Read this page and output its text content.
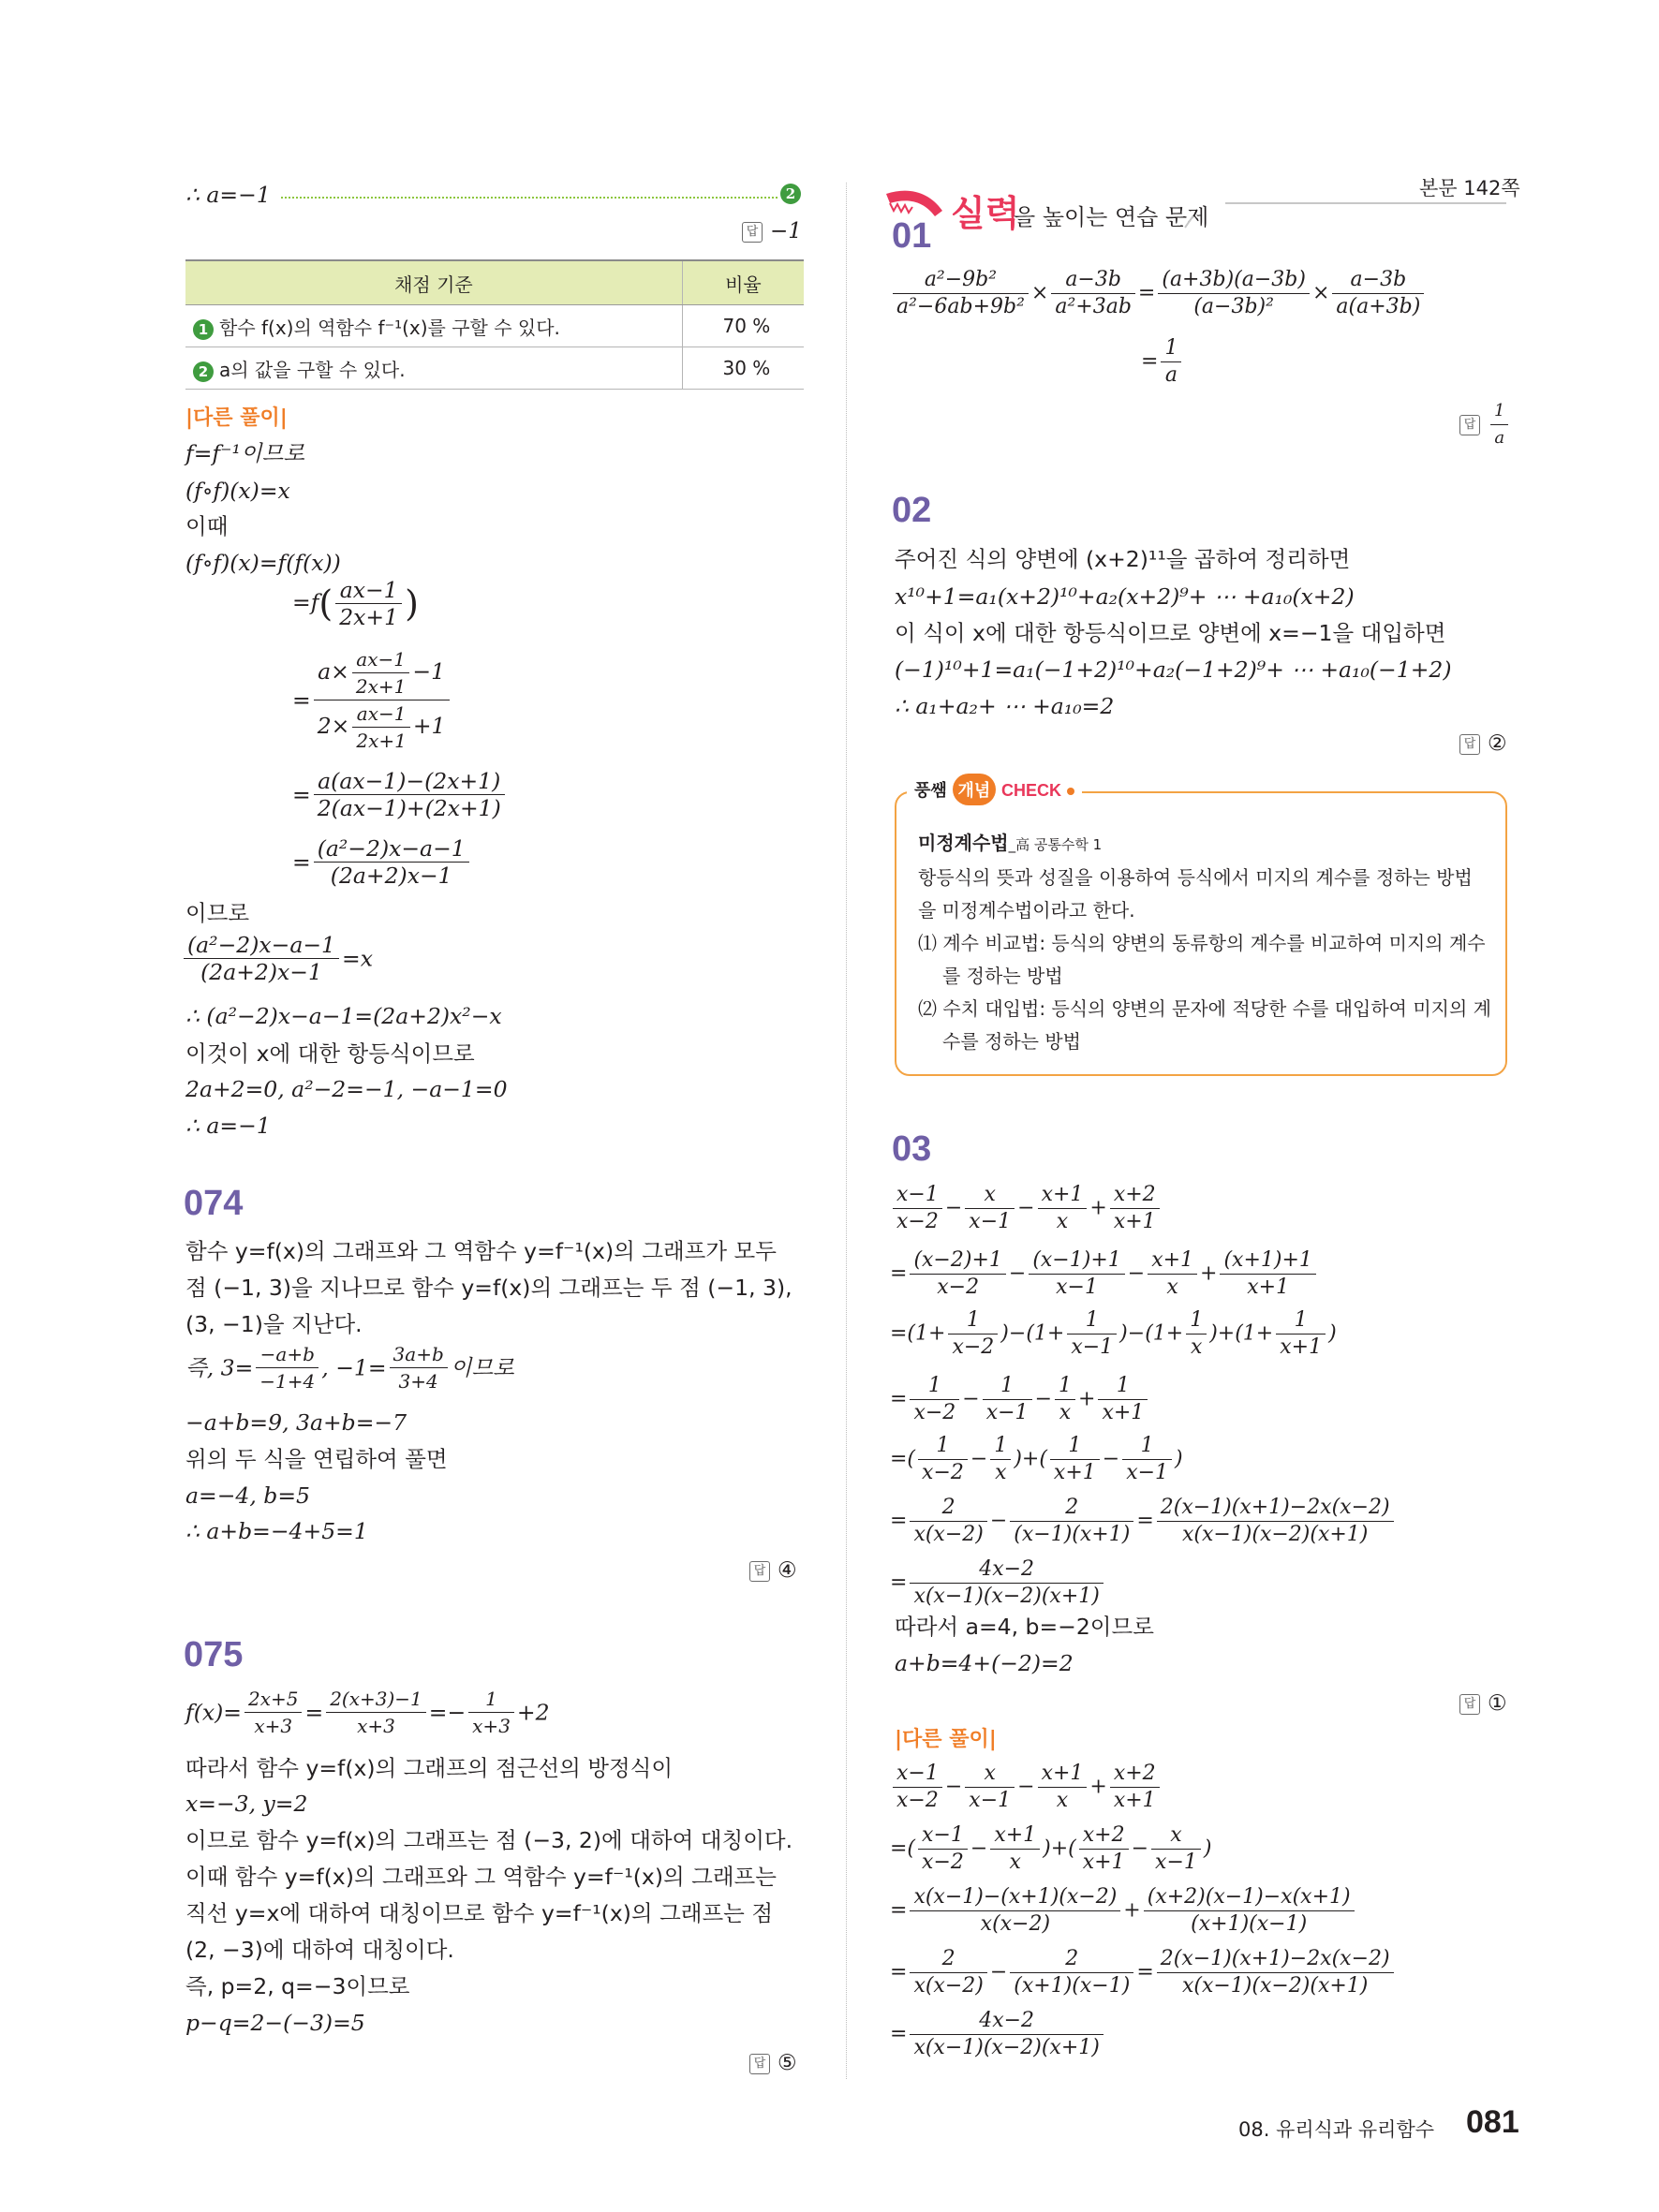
∴ a=−1	2
답 −1
채점 기준	비율
1 함수 f(x)의 역함수 f⁻¹(x)를 구할 수 있다.	70 %
2 a의 값을 구할 수 있다.	30 %
|다른 풀이|
f=f⁻¹이므로
(f∘f)(x)=x
이때
(f∘f)(x)=f(f(x))
$=f( \frac{ax-1}{2x+1}$ )
= $\frac{a\times \frac{ax-1}{2x+1} -1}{2\times \frac{ax-1}{2x+1} +1}$
= $\frac{a(ax-1)-(2x+1)}{2(ax-1)+(2x+1)}$
= $\frac{\text{(a²−2)x−a−1}}{(2a+2)x-1}$
이므로
$\frac{\text{(a²−2)x−a−1}}{(2a+2)x-1} =x$
∴ (a²−2)x−a−1=(2a+2)x²−x
이것이 x에 대한 항등식이므로
2a+2=0, a²−2=−1, −a−1=0
∴ a=−1
074
함수 y=f(x)의 그래프와 그 역함수 y=f⁻¹(x)의 그래프가 모두
점 (−1, 3)을 지나므로 함수 y=f(x)의 그래프는 두 점 (−1, 3),
(3, −1)을 지난다.
즉, $3= \frac{-a+b}{-1+4}$ , $-1= \frac{3a+b}{3+4}$ 이므로
−a+b=9, 3a+b=−7
위의 두 식을 연립하여 풀면
a=−4, b=5
∴ a+b=−4+5=1
답 ④
075
$f(x)= \frac{2x+5}{x+3} = \frac{2(x+3)-1}{x+3} =- \frac{1}{x+3} +2$
따라서 함수 y=f(x)의 그래프의 점근선의 방정식이
x=−3, y=2
이므로 함수 y=f(x)의 그래프는 점 (−3, 2)에 대하여 대칭이다.
이때 함수 y=f(x)의 그래프와 그 역함수 y=f⁻¹(x)의 그래프는
직선 y=x에 대하여 대칭이므로 함수 y=f⁻¹(x)의 그래프는 점
(2, −3)에 대하여 대칭이다.
즉, p=2, q=−3이므로
p−q=2−(−3)=5
답 ⑤
실력
을 높이는 연습 문제
본문 142쪽
01
$\frac{\text{a²−9b²}}{\text{a²−6ab+9b²}} \times \frac{a-3b}{\text{a²+3ab}} = \frac{(a+3b)(a-3b)}{\text{(a−3b)²}} \times \frac{a-3b}{a(a+3b)}$
= $\frac{1}{a}$
답 $\frac{1}{a}$
02
주어진 식의 양변에 (x+2)¹¹을 곱하여 정리하면
x¹⁰+1=a₁(x+2)¹⁰+a₂(x+2)⁹+ ⋯ +a₁₀(x+2)
이 식이 x에 대한 항등식이므로 양변에 x=−1을 대입하면
(−1)¹⁰+1=a₁(−1+2)¹⁰+a₂(−1+2)⁹+ ⋯ +a₁₀(−1+2)
∴ a₁+a₂+ ⋯ +a₁₀=2
답 ②
풍쌤 개념 CHECK
미정계수법_高 공통수학 1
항등식의 뜻과 성질을 이용하여 등식에서 미지의 계수를 정하는 방법
을 미정계수법이라고 한다.
⑴ 계수 비교법: 등식의 양변의 동류항의 계수를 비교하여 미지의 계수
를 정하는 방법
⑵ 수치 대입법: 등식의 양변의 문자에 적당한 수를 대입하여 미지의 계
수를 정하는 방법
03
$\frac{x-1}{x-2} - \frac{x}{x-1} - \frac{x+1}{x} + \frac{x+2}{x+1}$
= $\frac{(x-2)+1}{x-2} - \frac{(x-1)+1}{x-1} - \frac{x+1}{x} + \frac{(x+1)+1}{x+1}$
$=(1+ \frac{1}{x-2} )-(1+ \frac{1}{x-1} )-(1+ \frac{1}{x} )+(1+ \frac{1}{x+1}$ )
= $\frac{1}{x-2} - \frac{1}{x-1} - \frac{1}{x} + \frac{1}{x+1}$
=( $\frac{1}{x-2} - \frac{1}{x}$ )+( $\frac{1}{x+1} - \frac{1}{x-1}$ )
= $\frac{2}{x(x-2)} - \frac{2}{(x-1)(x+1)} = \frac{2(x-1)(x+1)-2x(x-2)}{x(x-1)(x-2)(x+1)}$
= $\frac{4x-2}{x(x-1)(x-2)(x+1)}$
따라서 a=4, b=−2이므로
a+b=4+(−2)=2
답 ①
|다른 풀이|
$\frac{x-1}{x-2} - \frac{x}{x-1} - \frac{x+1}{x} + \frac{x+2}{x+1}$
=( $\frac{x-1}{x-2} - \frac{x+1}{x}$ )+( $\frac{x+2}{x+1} - \frac{x}{x-1}$ )
= $\frac{x(x-1)-(x+1)(x-2)}{x(x-2)} + \frac{(x+2)(x-1)-x(x+1)}{(x+1)(x-1)}$
= $\frac{2}{x(x-2)} - \frac{2}{(x+1)(x-1)} = \frac{2(x-1)(x+1)-2x(x-2)}{x(x-1)(x-2)(x+1)}$
= $\frac{4x-2}{x(x-1)(x-2)(x+1)}$
08. 유리식과 유리함수 081
